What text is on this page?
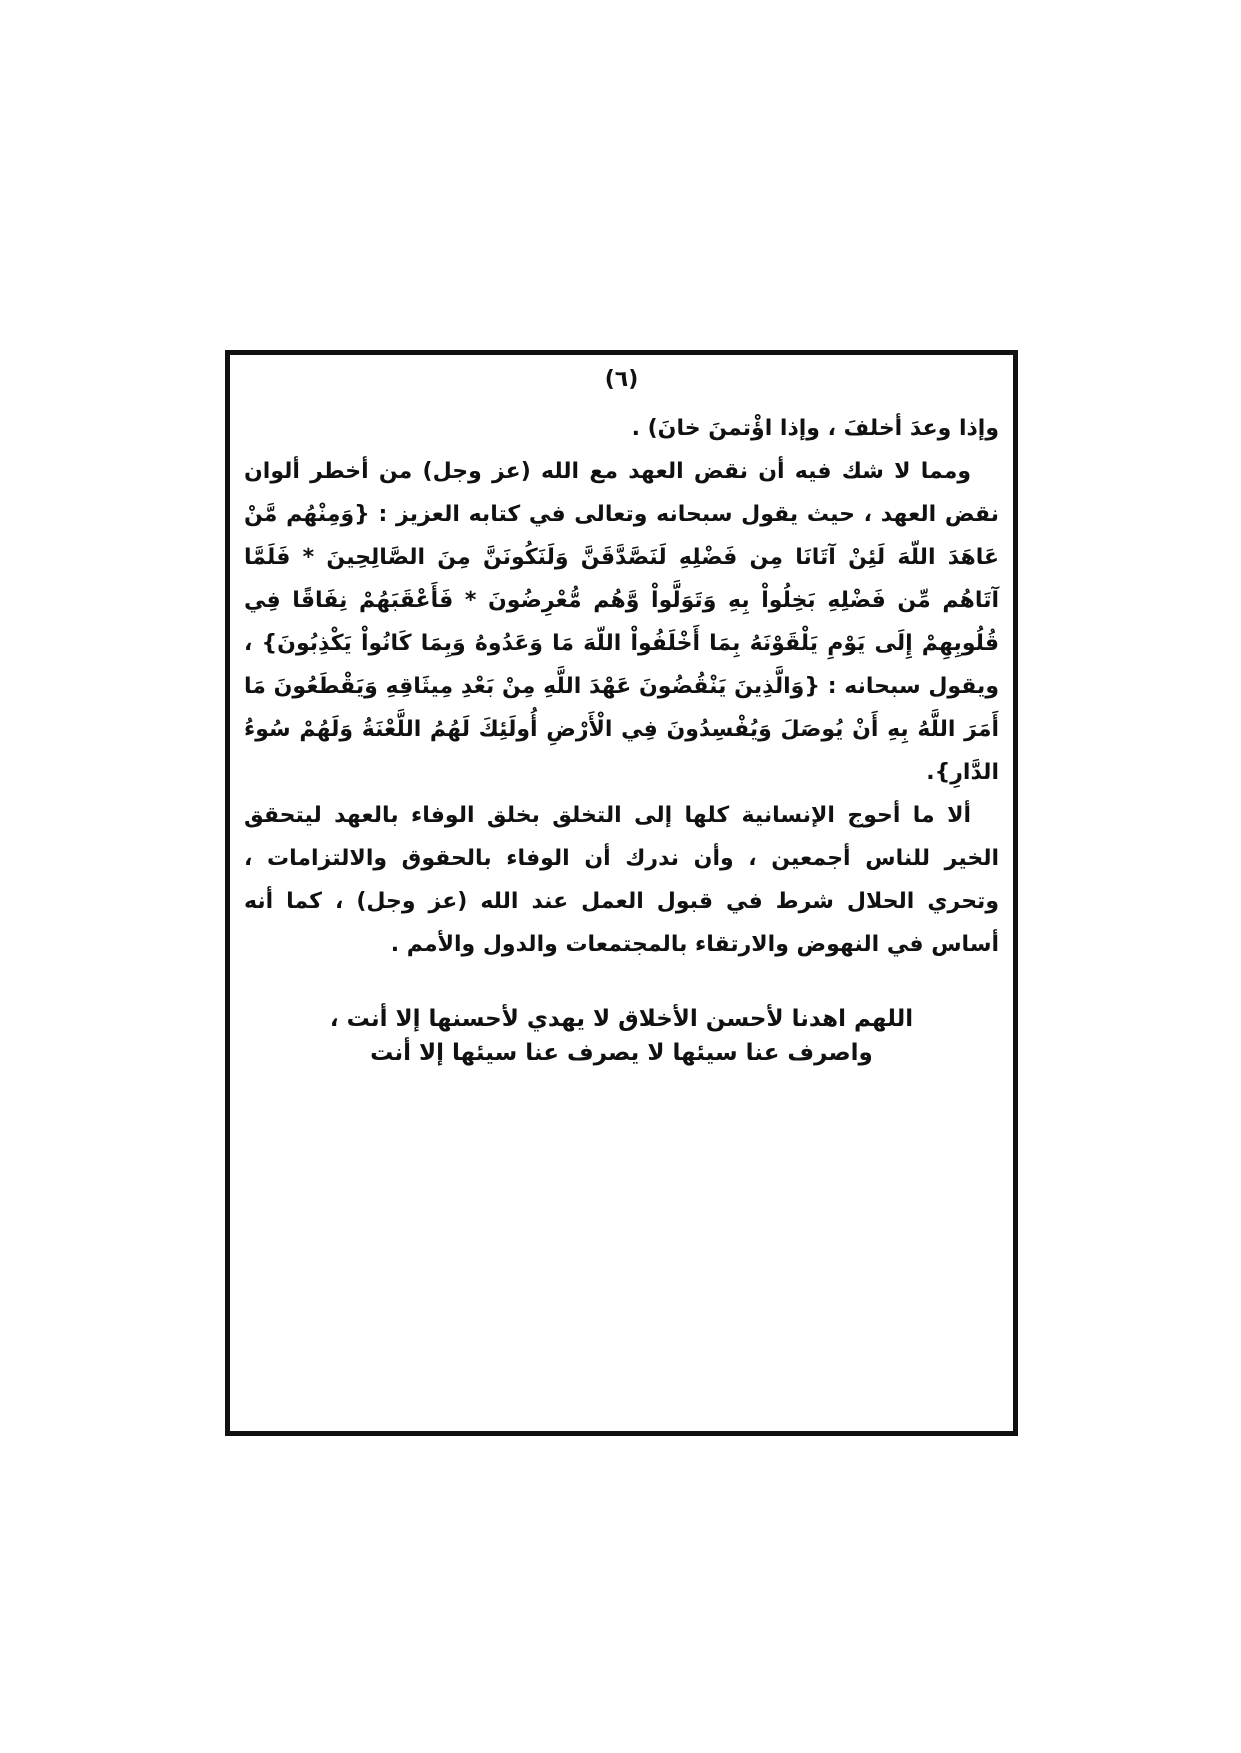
(٦)

وإذا وعدَ أخلفَ ، وإذا اؤْتمنَ خانَ) .

ومما لا شك فيه أن نقض العهد مع الله (عز وجل) من أخطر ألوان نقض العهد ، حيث يقول سبحانه وتعالى في كتابه العزيز : {وَمِنْهُم مَّنْ عَاهَدَ اللّهَ لَئِنْ آتَانَا مِن فَضْلِهِ لَنَصَّدَّقَنَّ وَلَنَكُونَنَّ مِنَ الصَّالِحِينَ * فَلَمَّا آتَاهُم مِّن فَضْلِهِ بَخِلُواْ بِهِ وَتَوَلَّواْ وَّهُم مُّعْرِضُونَ * فَأَعْقَبَهُمْ نِفَاقًا فِي قُلُوبِهِمْ إِلَى يَوْمِ يَلْقَوْنَهُ بِمَا أَخْلَفُواْ اللّهَ مَا وَعَدُوهُ وَبِمَا كَانُواْ يَكْذِبُونَ} ، ويقول سبحانه : {وَالَّذِينَ يَنْقُضُونَ عَهْدَ اللَّهِ مِنْ بَعْدِ مِيثَاقِهِ وَيَقْطَعُونَ مَا أَمَرَ اللَّهُ بِهِ أَنْ يُوصَلَ وَيُفْسِدُونَ فِي الْأَرْضِ أُولَئِكَ لَهُمُ اللَّعْنَةُ وَلَهُمْ سُوءُ الدَّارِ}.

ألا ما أحوج الإنسانية كلها إلى التخلق بخلق الوفاء بالعهد ليتحقق الخير للناس أجمعين ، وأن ندرك أن الوفاء بالحقوق والالتزامات ، وتحري الحلال شرط في قبول العمل عند الله (عز وجل) ، كما أنه أساس في النهوض والارتقاء بالمجتمعات والدول والأمم .

اللهم اهدنا لأحسن الأخلاق لا يهدي لأحسنها إلا أنت ،
واصرف عنا سيئها لا يصرف عنا سيئها إلا أنت
